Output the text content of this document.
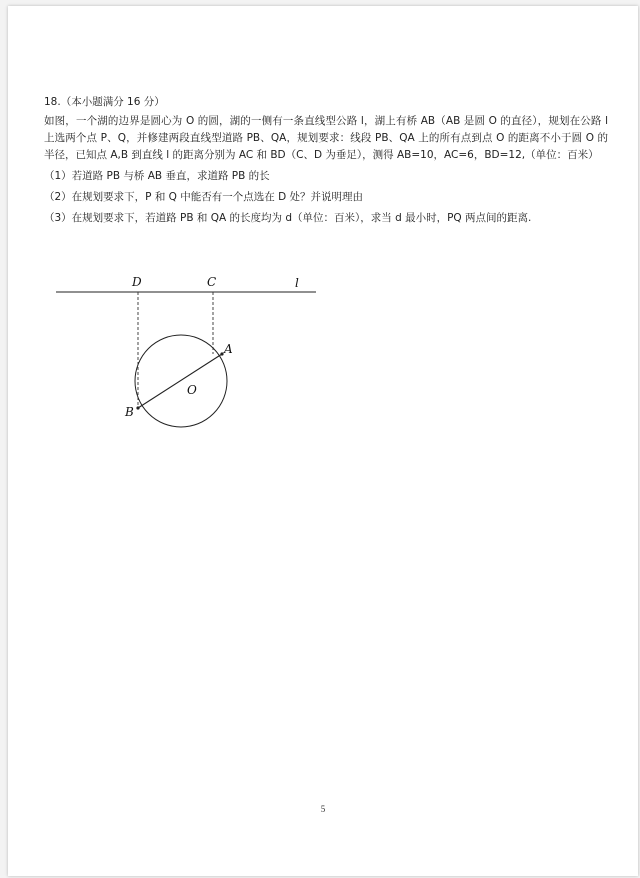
18.（本小题满分 16 分）

如图，一个湖的边界是圆心为 O 的圆，湖的一侧有一条直线型公路 l，湖上有桥 AB（AB 是圆 O 的直径），规划在公路 l 上选两个点 P、Q，并修建两段直线型道路 PB、QA，规划要求：线段 PB、QA 上的所有点到点 O 的距离不小于圆 O 的半径，已知点 A,B 到直线 l 的距离分别为 AC 和 BD（C、D 为垂足），测得 AB=10，AC=6，BD=12,（单位：百米）

（1）若道路 PB 与桥 AB 垂直，求道路 PB 的长

（2）在规划要求下，P 和 Q 中能否有一个点选在 D 处？并说明理由

（3）在规划要求下，若道路 PB 和 QA 的长度均为 d（单位：百米），求当 d 最小时，PQ 两点间的距离.

D	C	l
A
O
B
5
